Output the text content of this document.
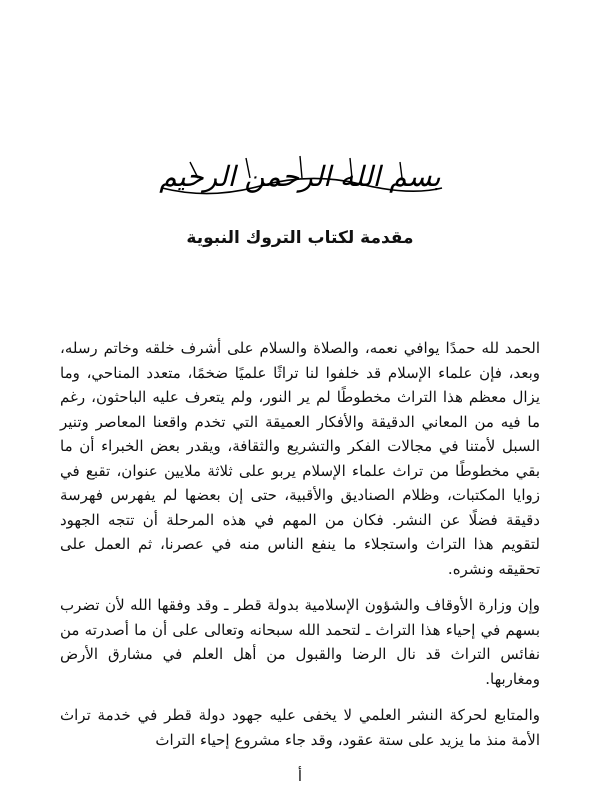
بسم الله الرحمن الرحيم
مقدمة لكتاب التروك النبوية

الحمد لله حمدًا يوافي نعمه، والصلاة والسلام على أشرف خلقه وخاتم رسله، وبعد، فإن علماء الإسلام قد خلفوا لنا تراثًا علميًا ضخمًا، متعدد المناحي، وما يزال معظم هذا التراث مخطوطًا لم ير النور، ولم يتعرف عليه الباحثون، رغم ما فيه من المعاني الدقيقة والأفكار العميقة التي تخدم واقعنا المعاصر وتنير السبل لأمتنا في مجالات الفكر والتشريع والثقافة، ويقدر بعض الخبراء أن ما بقي مخطوطًا من تراث علماء الإسلام يربو على ثلاثة ملايين عنوان، تقبع في زوايا المكتبات، وظلام الصناديق والأقبية، حتى إن بعضها لم يفهرس فهرسة دقيقة فضلًا عن النشر. فكان من المهم في هذه المرحلة أن تتجه الجهود لتقويم هذا التراث واستجلاء ما ينفع الناس منه في عصرنا، ثم العمل على تحقيقه ونشره.

وإن وزارة الأوقاف والشؤون الإسلامية بدولة قطر ـ وقد وفقها الله لأن تضرب بسهم في إحياء هذا التراث ـ لتحمد الله سبحانه وتعالى على أن ما أصدرته من نفائس التراث قد نال الرضا والقبول من أهل العلم في مشارق الأرض ومغاربها.

والمتابع لحركة النشر العلمي لا يخفى عليه جهود دولة قطر في خدمة تراث الأمة منذ ما يزيد على ستة عقود، وقد جاء مشروع إحياء التراث

أ
